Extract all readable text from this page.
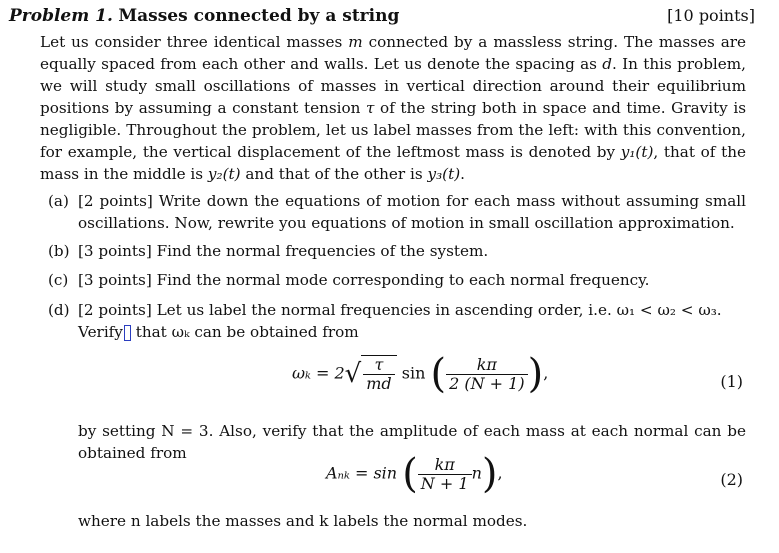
Problem 1. Masses connected by a string	[10 points]

Let us consider three identical masses m connected by a massless string. The masses are equally spaced from each other and walls. Let us denote the spacing as d. In this problem, we will study small oscillations of masses in vertical direction around their equilibrium positions by assuming a constant tension τ of the string both in space and time. Gravity is negligible. Throughout the problem, let us label masses from the left: with this convention, for example, the vertical displacement of the leftmost mass is denoted by y₁(t), that of the mass in the middle is y₂(t) and that of the other is y₃(t).

(a) [2 points] Write down the equations of motion for each mass without assuming small oscillations. Now, rewrite you equations of motion in small oscillation approximation.
(b) [3 points] Find the normal frequencies of the system.
(c) [3 points] Find the normal mode corresponding to each normal frequency.
(d) [2 points] Let us label the normal frequencies in ascending order, i.e. ω₁ < ω₂ < ω₃.
Verify that ωₖ can be obtained from
$\omega_k = 2√ \frac{\tau}{md}$ sin ( $\frac{k\pi}{2 (N + 1)}$ ),	(1)
by setting N = 3. Also, verify that the amplitude of each mass at each normal can be obtained from
Aₙₖ = sin ( $\frac{k\pi}{N + 1} n$),	(2)
where n labels the masses and k labels the normal modes.
